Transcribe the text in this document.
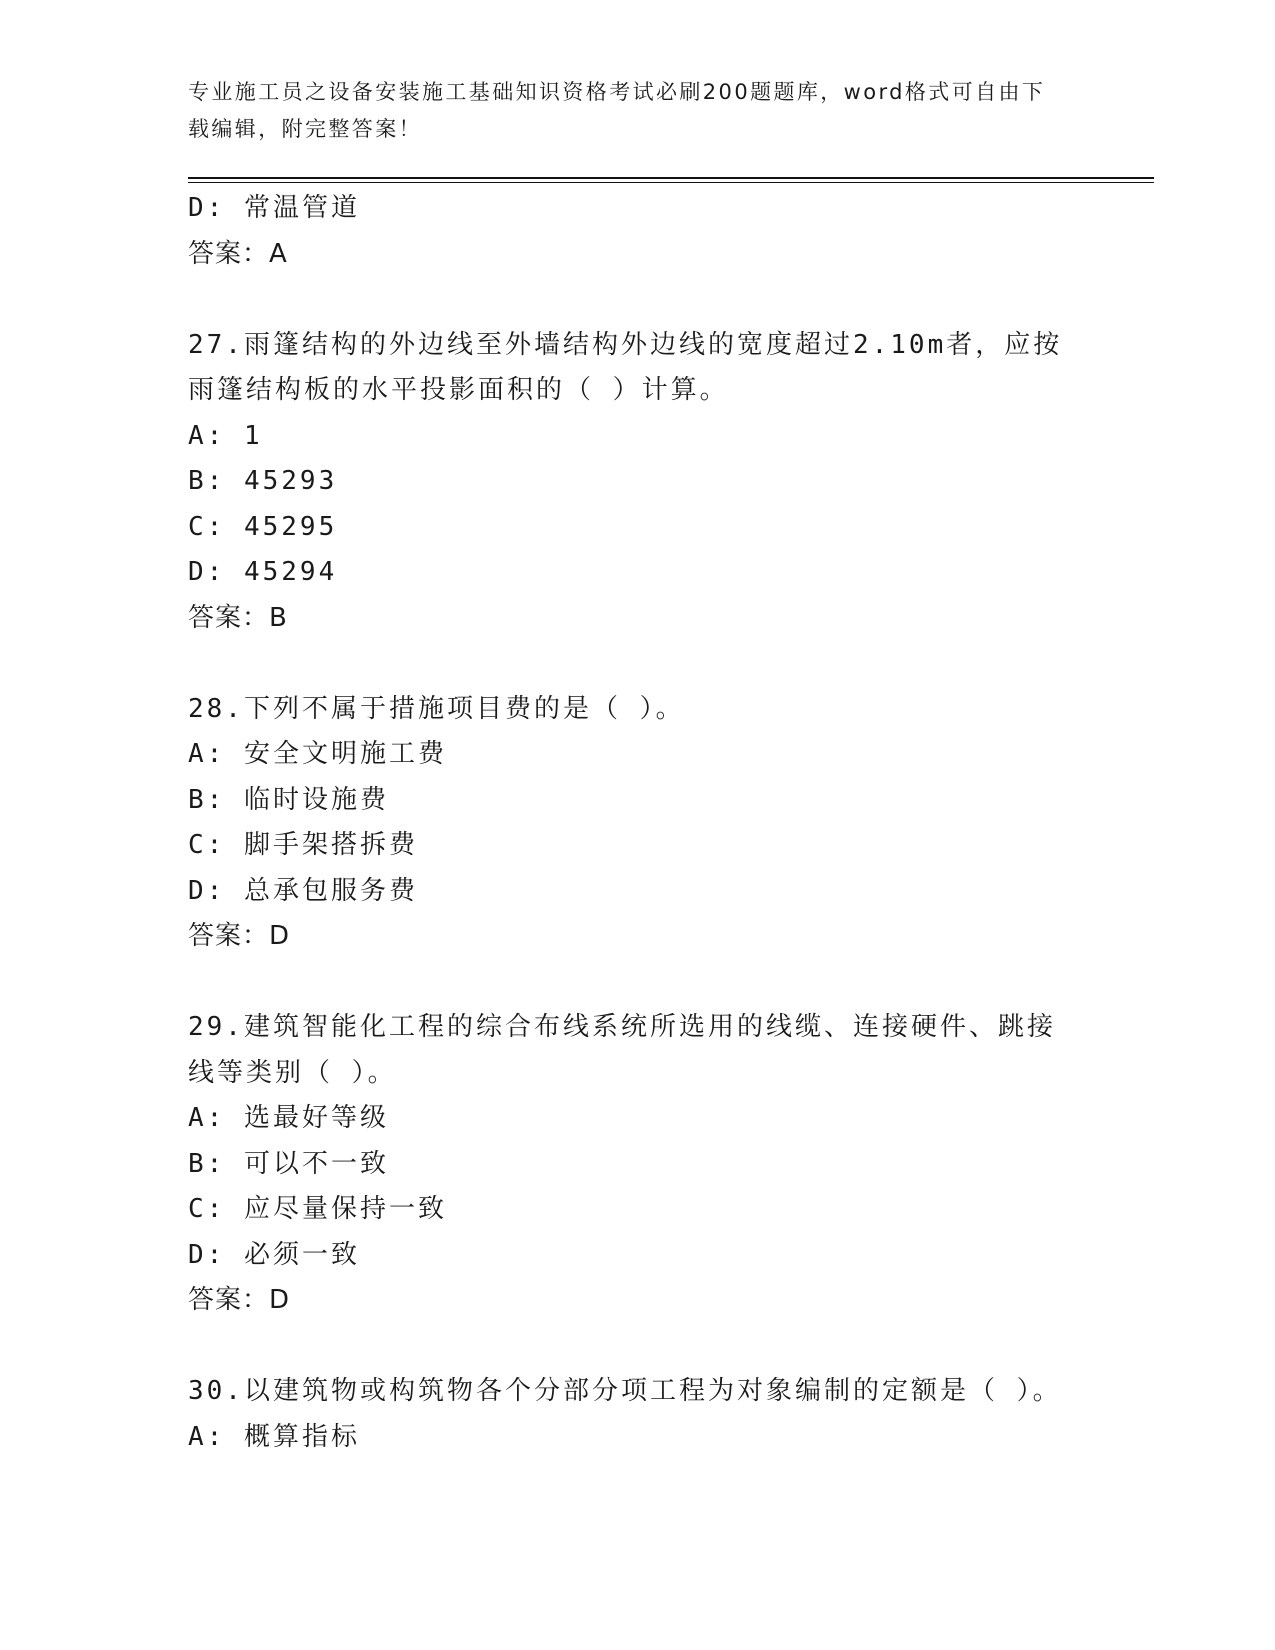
专业施工员之设备安装施工基础知识资格考试必刷200题题库，word格式可自由下载编辑，附完整答案！
D: 常温管道
答案：A
27.雨篷结构的外边线至外墙结构外边线的宽度超过2.10m者，应按雨篷结构板的水平投影面积的（ ）计算。
A: 1
B: 45293
C: 45295
D: 45294
答案：B
28.下列不属于措施项目费的是（ ）。
A: 安全文明施工费
B: 临时设施费
C: 脚手架搭拆费
D: 总承包服务费
答案：D
29.建筑智能化工程的综合布线系统所选用的线缆、连接硬件、跳接线等类别（ ）。
A: 选最好等级
B: 可以不一致
C: 应尽量保持一致
D: 必须一致
答案：D
30.以建筑物或构筑物各个分部分项工程为对象编制的定额是（ ）。
A: 概算指标
